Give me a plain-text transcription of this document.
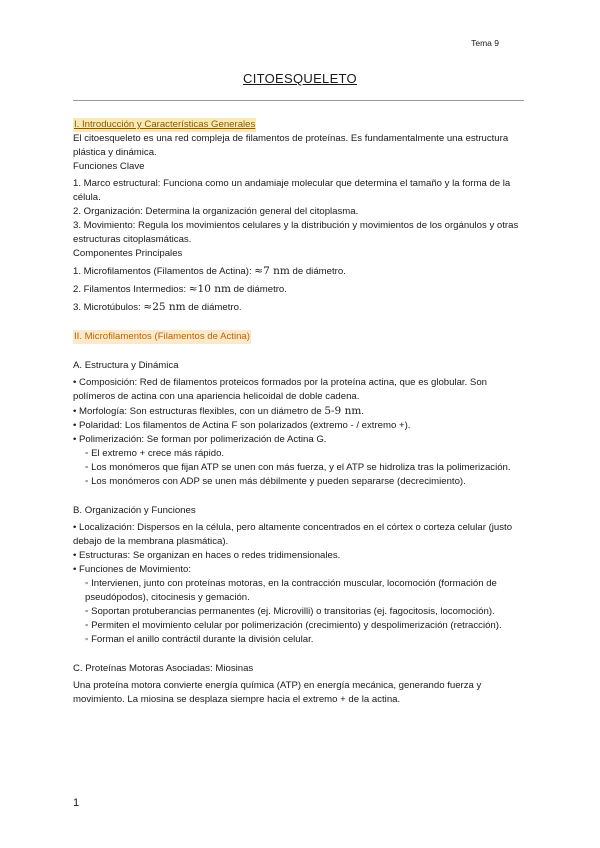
Tema 9
CITOESQUELETO

I. Introducción y Características Generales

El citoesqueleto es una red compleja de filamentos de proteínas. Es fundamentalmente una estructura plástica y dinámica.

Funciones Clave

1. Marco estructural: Funciona como un andamiaje molecular que determina el tamaño y la forma de la célula.

2. Organización: Determina la organización general del citoplasma.

3. Movimiento: Regula los movimientos celulares y la distribución y movimientos de los orgánulos y otras estructuras citoplasmáticas.

Componentes Principales

1. Microfilamentos (Filamentos de Actina): ≈7 nm de diámetro.

2. Filamentos Intermedios: ≈10 nm de diámetro.

3. Microtúbulos: ≈25 nm de diámetro.

II. Microfilamentos (Filamentos de Actina)

A. Estructura y Dinámica

• Composición: Red de filamentos proteicos formados por la proteína actina, que es globular. Son polímeros de actina con una apariencia helicoidal de doble cadena.

• Morfología: Son estructuras flexibles, con un diámetro de 5-9 nm.

• Polaridad: Los filamentos de Actina F son polarizados (extremo - / extremo +).

• Polimerización: Se forman por polimerización de Actina G.

◦ El extremo + crece más rápido.

◦ Los monómeros que fijan ATP se unen con más fuerza, y el ATP se hidroliza tras la polimerización.

◦ Los monómeros con ADP se unen más débilmente y pueden separarse (decrecimiento).

B. Organización y Funciones

• Localización: Dispersos en la célula, pero altamente concentrados en el córtex o corteza celular (justo debajo de la membrana plasmática).

• Estructuras: Se organizan en haces o redes tridimensionales.

• Funciones de Movimiento:

◦ Intervienen, junto con proteínas motoras, en la contracción muscular, locomoción (formación de pseudópodos), citocinesis y gemación.

◦ Soportan protuberancias permanentes (ej. Microvilli) o transitorias (ej. fagocitosis, locomoción).

◦ Permiten el movimiento celular por polimerización (crecimiento) y despolimerización (retracción).

◦ Forman el anillo contráctil durante la división celular.

C. Proteínas Motoras Asociadas: Miosinas

Una proteína motora convierte energía química (ATP) en energía mecánica, generando fuerza y movimiento. La miosina se desplaza siempre hacia el extremo + de la actina.

1
